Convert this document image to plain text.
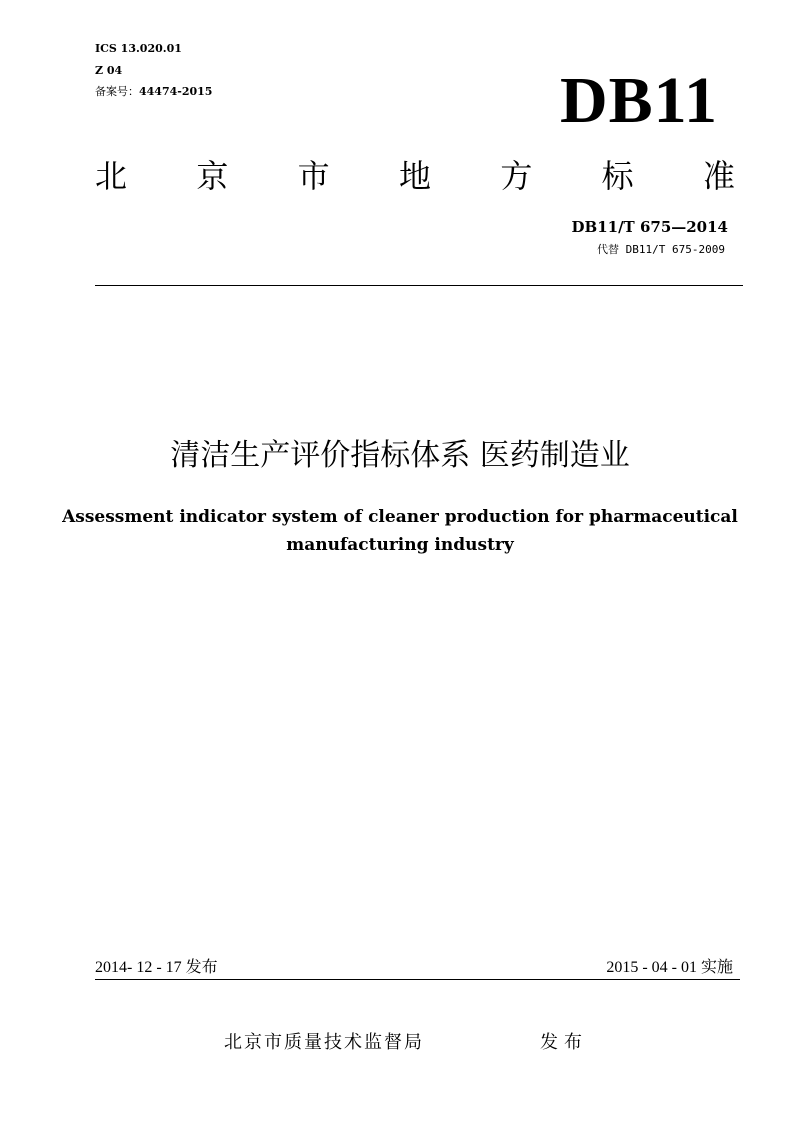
ICS 13.020.01
Z 04
备案号：44474-2015	DB11
北 京 市 地 方 标 准
DB11/T 675—2014
代替 DB11/T 675-2009
清洁生产评价指标体系 医药制造业
Assessment indicator system of cleaner production for pharmaceutical manufacturing industry
2014- 12 - 17 发布	2015 - 04 - 01 实施
北京市质量技术监督局	发布
